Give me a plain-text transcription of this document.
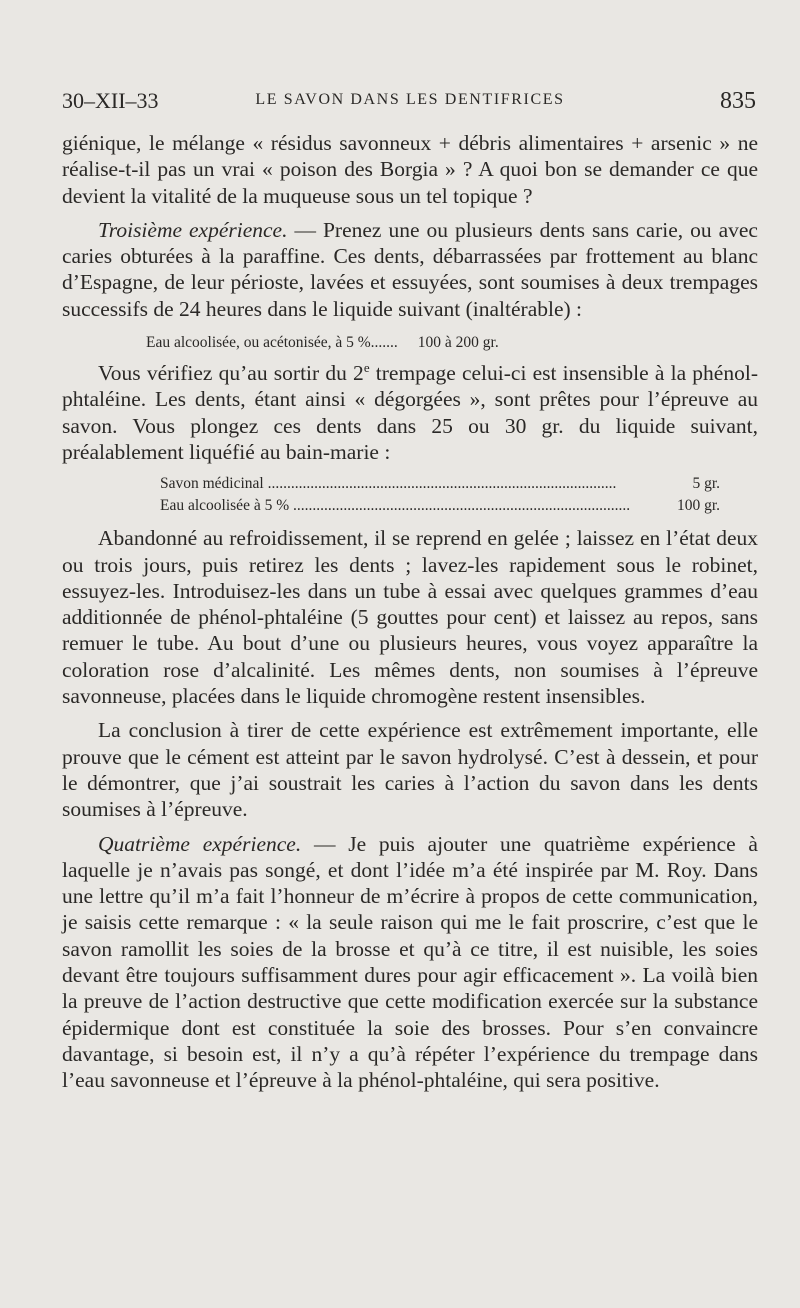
30–XII–33	LE SAVON DANS LES DENTIFRICES	835

giénique, le mélange « résidus savonneux + débris alimentaires + arsenic » ne réalise-t-il pas un vrai « poison des Borgia » ? A quoi bon se demander ce que devient la vitalité de la muqueuse sous un tel topique ?

Troisième expérience. — Prenez une ou plusieurs dents sans carie, ou avec caries obturées à la paraffine. Ces dents, débarrassées par frottement au blanc d’Espagne, de leur périoste, lavées et essuyées, sont soumises à deux trempages successifs de 24 heures dans le liquide suivant (inaltérable) :

Eau alcoolisée, ou acétonisée, à 5 %....... 100 à 200 gr.

Vous vérifiez qu’au sortir du 2e trempage celui-ci est insensible à la phénol-phtaléine. Les dents, étant ainsi « dégorgées », sont prêtes pour l’épreuve au savon. Vous plongez ces dents dans 25 ou 30 gr. du liquide suivant, préalablement liquéfié au bain-marie :

Savon médicinal .....	5 gr.
Eau alcoolisée à 5 % .....	100 gr.

Abandonné au refroidissement, il se reprend en gelée ; laissez en l’état deux ou trois jours, puis retirez les dents ; lavez-les rapidement sous le robinet, essuyez-les. Introduisez-les dans un tube à essai avec quelques grammes d’eau additionnée de phénol-phtaléine (5 gouttes pour cent) et laissez au repos, sans remuer le tube. Au bout d’une ou plusieurs heures, vous voyez apparaître la coloration rose d’alcalinité. Les mêmes dents, non soumises à l’épreuve savonneuse, placées dans le liquide chromogène restent insensibles.

La conclusion à tirer de cette expérience est extrêmement importante, elle prouve que le cément est atteint par le savon hydrolysé. C’est à dessein, et pour le démontrer, que j’ai soustrait les caries à l’action du savon dans les dents soumises à l’épreuve.

Quatrième expérience. — Je puis ajouter une quatrième expérience à laquelle je n’avais pas songé, et dont l’idée m’a été inspirée par M. Roy. Dans une lettre qu’il m’a fait l’honneur de m’écrire à propos de cette communication, je saisis cette remarque : « la seule raison qui me le fait proscrire, c’est que le savon ramollit les soies de la brosse et qu’à ce titre, il est nuisible, les soies devant être toujours suffisamment dures pour agir efficacement ». La voilà bien la preuve de l’action destructive que cette modification exercée sur la substance épidermique dont est constituée la soie des brosses. Pour s’en convaincre davantage, si besoin est, il n’y a qu’à répéter l’expérience du trempage dans l’eau savonneuse et l’épreuve à la phénol-phtaléine, qui sera positive.
